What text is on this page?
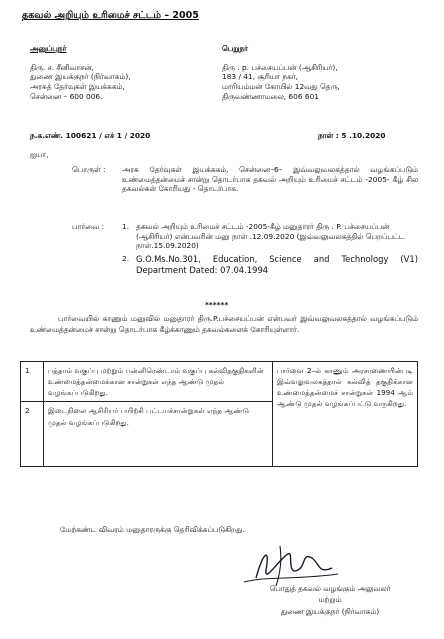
தகவல் அறியும் உரிமைச் சட்டம் – 2005
அனுப்புநர்
திரு. ச. சீனிவாசன்,
துணை இயக்குநர் (நிர்வாகம்),
அரசுத் தேர்வுகள் இயக்ககம்,
சென்னை – 600 006.
பெறுநர்
திரு . p. பச்சையப்பன் (ஆசிரியர்),
183 / 41, சூரியா நகர்,
மாரியம்மன் கோயில் 12வது தெரு,
திருவண்ணாமலை, 606 601
ந.க.எண். 100621 / எச் 1 / 2020	நாள் : 5 .10.2020
ஐயா,
பொருள் : அரசு தேர்வுகள் இயக்ககம், சென்னை–6– இவ்வலுவலகத்தால் வழங்கப்படும் உண்மைத்தன்மைச் சான்று தொடர்பாக தகவல் அறியும் உரிமைச் சட்டம் -2005- கீழ் சில தகவல்கள் கோரியது - தொடர்பாக.
பார்வை : 1. தகவல் அறியும் உரிமைச் சட்டம் -2005-கீழ் மனுதாரர் திரு . P. பச்சையப்பன் (ஆசிரியர்) என்பவரின் மனு நாள் .12.09.2020 (இவ்வலுவலகத்தில் பெறப்பட்ட நாள்.15.09.2020)
2. G.O.Ms.No.301, Education, Science and Technology (V1) Department Dated: 07.04.1994
******
பார்வையில் காணும் மனுவில் மனுதாரர் திரு.P.பச்சையப்பன் என்பவர் இவ்வலுவலகத்தால் வழங்கப்படும் உண்மைத்தன்மைச் சான்று தொடர்பாக கீழ்க்காணும் தகவல்களைக் கோரியுள்ளார்.
1	பத்தாம் வகுப்பு மற்றும் பன்னிரெண்டாம் வகுப்பு கல்விதகுதிகளின் உண்மைத்தன்மைக்கான சான்றுகள் எந்த ஆண்டு முதல் வழங்கப்படுகிறது.	பார்வை 2–ல் காணும் அரசாணையின்படி இவ்வலுவலகத்தால் கல்வித் தகுதிக்கான உண்மைத்தன்மைச் சான்றுகள் 1994 ஆம் ஆண்டு முதல் வழங்கப்பட்டு வருகிறது.
2	இடைநிலை ஆசிரியர் பயிற்சி பட்டயச்சான்றுகள் எந்த ஆண்டு முதல் வழங்கப்படுகிறது.	
மேற்கண்ட விவரம் மனுதாரருக்கு தெரிவிக்கப்படுகிறது.
பொதுத் தகவல் வழங்கும் அலுவலர்
மற்றும்
துணை இயக்குநர் (நிர்வாகம்)
